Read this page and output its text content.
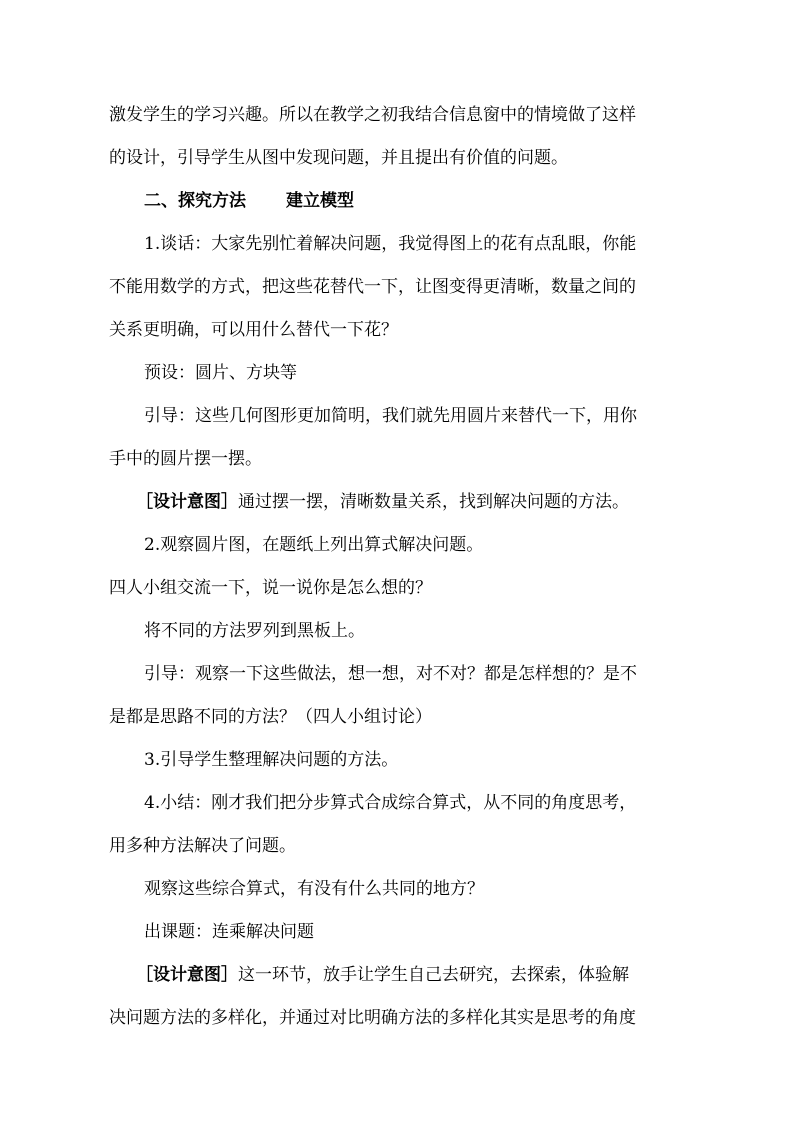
激发学生的学习兴趣。所以在教学之初我结合信息窗中的情境做了这样
的设计，引导学生从图中发现问题，并且提出有价值的问题。
二、探究方法 建立模型
1.谈话：大家先别忙着解决问题，我觉得图上的花有点乱眼，你能
不能用数学的方式，把这些花替代一下，让图变得更清晰，数量之间的
关系更明确，可以用什么替代一下花？
预设：圆片、方块等
引导：这些几何图形更加简明，我们就先用圆片来替代一下，用你
手中的圆片摆一摆。
［设计意图］通过摆一摆，清晰数量关系，找到解决问题的方法。
2.观察圆片图，在题纸上列出算式解决问题。
四人小组交流一下，说一说你是怎么想的？
将不同的方法罗列到黑板上。
引导：观察一下这些做法，想一想，对不对？都是怎样想的？是不
是都是思路不同的方法？（四人小组讨论）
3.引导学生整理解决问题的方法。
4.小结：刚才我们把分步算式合成综合算式，从不同的角度思考，
用多种方法解决了问题。
观察这些综合算式，有没有什么共同的地方？
出课题：连乘解决问题
［设计意图］这一环节，放手让学生自己去研究，去探索，体验解
决问题方法的多样化，并通过对比明确方法的多样化其实是思考的角度
